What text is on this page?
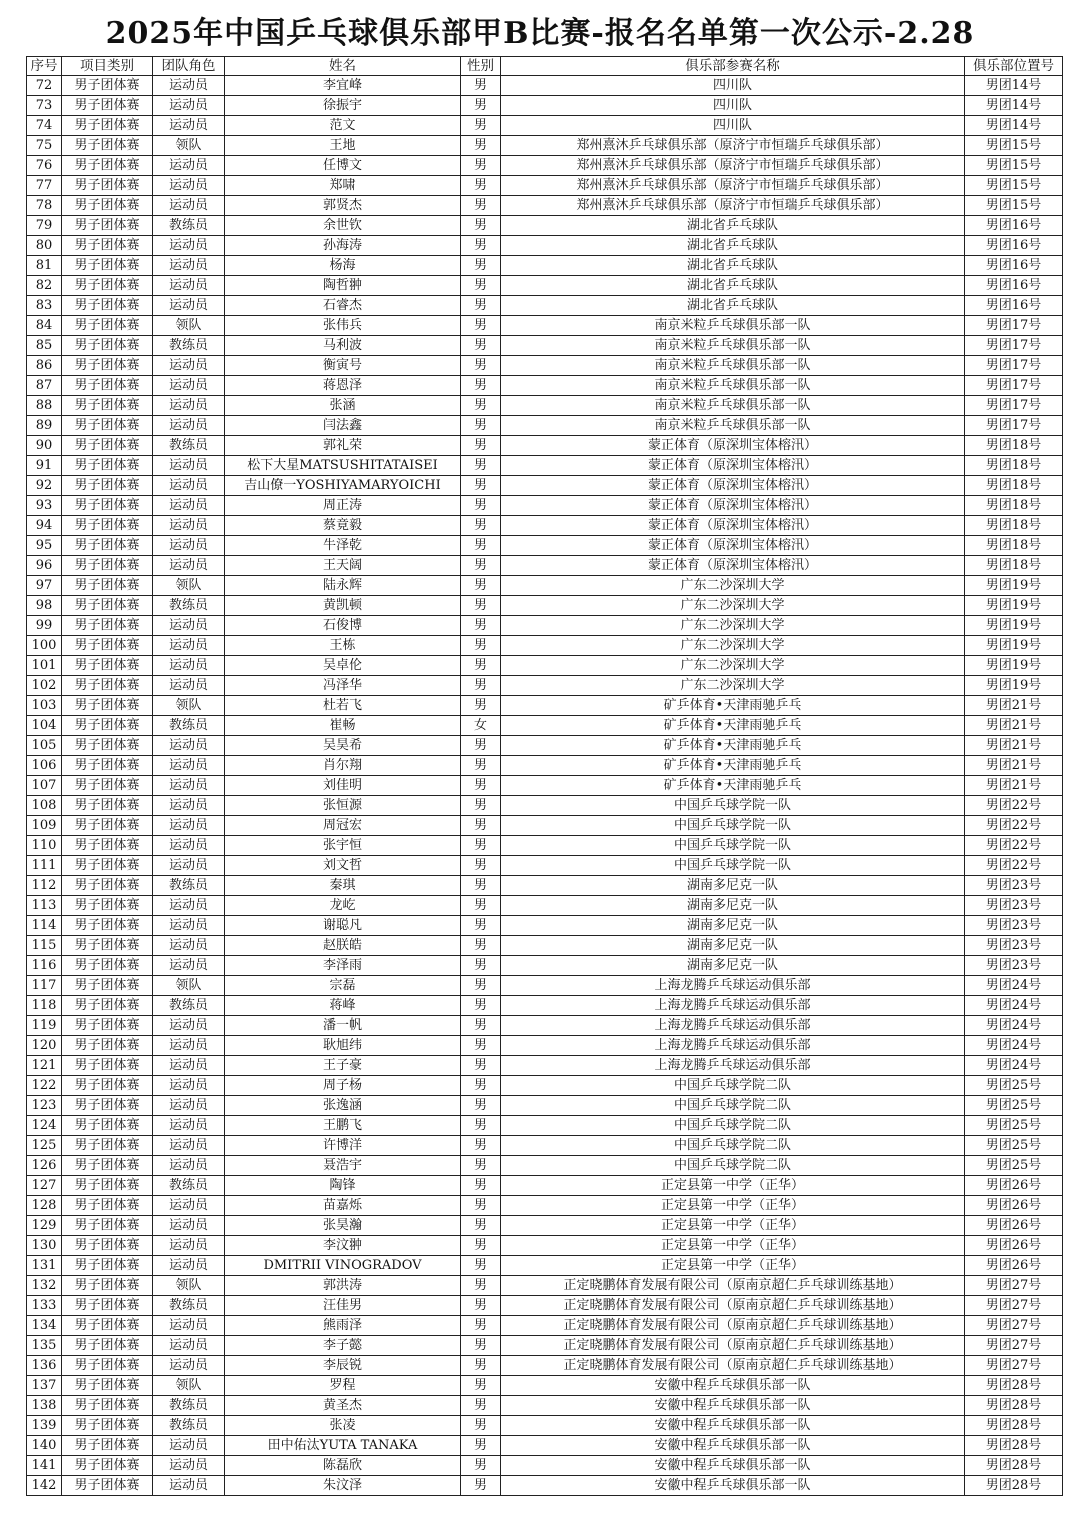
2025年中国乒乓球俱乐部甲B比赛-报名名单第一次公示-2.28
序号	项目类别	团队角色	姓名	性别	俱乐部参赛名称	俱乐部位置号
72	男子团体赛	运动员	李宜峰	男	四川队	男团14号
73	男子团体赛	运动员	徐振宇	男	四川队	男团14号
74	男子团体赛	运动员	范文	男	四川队	男团14号
75	男子团体赛	领队	王地	男	郑州熹沐乒乓球俱乐部（原济宁市恒瑞乒乓球俱乐部）	男团15号
76	男子团体赛	运动员	任博文	男	郑州熹沐乒乓球俱乐部（原济宁市恒瑞乒乓球俱乐部）	男团15号
77	男子团体赛	运动员	郑啸	男	郑州熹沐乒乓球俱乐部（原济宁市恒瑞乒乓球俱乐部）	男团15号
78	男子团体赛	运动员	郭贤杰	男	郑州熹沐乒乓球俱乐部（原济宁市恒瑞乒乓球俱乐部）	男团15号
79	男子团体赛	教练员	余世钦	男	湖北省乒乓球队	男团16号
80	男子团体赛	运动员	孙海涛	男	湖北省乒乓球队	男团16号
81	男子团体赛	运动员	杨海	男	湖北省乒乓球队	男团16号
82	男子团体赛	运动员	陶哲翀	男	湖北省乒乓球队	男团16号
83	男子团体赛	运动员	石睿杰	男	湖北省乒乓球队	男团16号
84	男子团体赛	领队	张伟兵	男	南京米粒乒乓球俱乐部一队	男团17号
85	男子团体赛	教练员	马利波	男	南京米粒乒乓球俱乐部一队	男团17号
86	男子团体赛	运动员	衡寅号	男	南京米粒乒乓球俱乐部一队	男团17号
87	男子团体赛	运动员	蒋恩泽	男	南京米粒乒乓球俱乐部一队	男团17号
88	男子团体赛	运动员	张涵	男	南京米粒乒乓球俱乐部一队	男团17号
89	男子团体赛	运动员	闫法鑫	男	南京米粒乒乓球俱乐部一队	男团17号
90	男子团体赛	教练员	郭礼荣	男	蒙正体育（原深圳宝体榕汛）	男团18号
91	男子团体赛	运动员	松下大星MATSUSHITATAISEI	男	蒙正体育（原深圳宝体榕汛）	男团18号
92	男子团体赛	运动员	吉山僚一YOSHIYAMARYOICHI	男	蒙正体育（原深圳宝体榕汛）	男团18号
93	男子团体赛	运动员	周正涛	男	蒙正体育（原深圳宝体榕汛）	男团18号
94	男子团体赛	运动员	蔡竟毅	男	蒙正体育（原深圳宝体榕汛）	男团18号
95	男子团体赛	运动员	牛泽乾	男	蒙正体育（原深圳宝体榕汛）	男团18号
96	男子团体赛	运动员	王天阔	男	蒙正体育（原深圳宝体榕汛）	男团18号
97	男子团体赛	领队	陆永辉	男	广东二沙深圳大学	男团19号
98	男子团体赛	教练员	黄凯顿	男	广东二沙深圳大学	男团19号
99	男子团体赛	运动员	石俊博	男	广东二沙深圳大学	男团19号
100	男子团体赛	运动员	王栋	男	广东二沙深圳大学	男团19号
101	男子团体赛	运动员	吴卓伦	男	广东二沙深圳大学	男团19号
102	男子团体赛	运动员	冯泽华	男	广东二沙深圳大学	男团19号
103	男子团体赛	领队	杜若飞	男	矿乒体育•天津雨驰乒乓	男团21号
104	男子团体赛	教练员	崔畅	女	矿乒体育•天津雨驰乒乓	男团21号
105	男子团体赛	运动员	吴昊希	男	矿乒体育•天津雨驰乒乓	男团21号
106	男子团体赛	运动员	肖尔翔	男	矿乒体育•天津雨驰乒乓	男团21号
107	男子团体赛	运动员	刘佳明	男	矿乒体育•天津雨驰乒乓	男团21号
108	男子团体赛	运动员	张恒源	男	中国乒乓球学院一队	男团22号
109	男子团体赛	运动员	周冠宏	男	中国乒乓球学院一队	男团22号
110	男子团体赛	运动员	张宇恒	男	中国乒乓球学院一队	男团22号
111	男子团体赛	运动员	刘文哲	男	中国乒乓球学院一队	男团22号
112	男子团体赛	教练员	秦琪	男	湖南多尼克一队	男团23号
113	男子团体赛	运动员	龙屹	男	湖南多尼克一队	男团23号
114	男子团体赛	运动员	谢聪凡	男	湖南多尼克一队	男团23号
115	男子团体赛	运动员	赵朕皓	男	湖南多尼克一队	男团23号
116	男子团体赛	运动员	李泽雨	男	湖南多尼克一队	男团23号
117	男子团体赛	领队	宗磊	男	上海龙腾乒乓球运动俱乐部	男团24号
118	男子团体赛	教练员	蒋峰	男	上海龙腾乒乓球运动俱乐部	男团24号
119	男子团体赛	运动员	潘一帆	男	上海龙腾乒乓球运动俱乐部	男团24号
120	男子团体赛	运动员	耿旭纬	男	上海龙腾乒乓球运动俱乐部	男团24号
121	男子团体赛	运动员	王子豪	男	上海龙腾乒乓球运动俱乐部	男团24号
122	男子团体赛	运动员	周子杨	男	中国乒乓球学院二队	男团25号
123	男子团体赛	运动员	张逸涵	男	中国乒乓球学院二队	男团25号
124	男子团体赛	运动员	王鹏飞	男	中国乒乓球学院二队	男团25号
125	男子团体赛	运动员	许博洋	男	中国乒乓球学院二队	男团25号
126	男子团体赛	运动员	聂浩宇	男	中国乒乓球学院二队	男团25号
127	男子团体赛	教练员	陶锋	男	正定县第一中学（正华）	男团26号
128	男子团体赛	运动员	苗嘉烁	男	正定县第一中学（正华）	男团26号
129	男子团体赛	运动员	张昊瀚	男	正定县第一中学（正华）	男团26号
130	男子团体赛	运动员	李汶翀	男	正定县第一中学（正华）	男团26号
131	男子团体赛	运动员	DMITRII VINOGRADOV	男	正定县第一中学（正华）	男团26号
132	男子团体赛	领队	郭洪涛	男	正定晓鹏体育发展有限公司（原南京超仁乒乓球训练基地）	男团27号
133	男子团体赛	教练员	汪佳男	男	正定晓鹏体育发展有限公司（原南京超仁乒乓球训练基地）	男团27号
134	男子团体赛	运动员	熊雨泽	男	正定晓鹏体育发展有限公司（原南京超仁乒乓球训练基地）	男团27号
135	男子团体赛	运动员	李子懿	男	正定晓鹏体育发展有限公司（原南京超仁乒乓球训练基地）	男团27号
136	男子团体赛	运动员	李辰锐	男	正定晓鹏体育发展有限公司（原南京超仁乒乓球训练基地）	男团27号
137	男子团体赛	领队	罗程	男	安徽中程乒乓球俱乐部一队	男团28号
138	男子团体赛	教练员	黄圣杰	男	安徽中程乒乓球俱乐部一队	男团28号
139	男子团体赛	教练员	张凌	男	安徽中程乒乓球俱乐部一队	男团28号
140	男子团体赛	运动员	田中佑汰YUTA TANAKA	男	安徽中程乒乓球俱乐部一队	男团28号
141	男子团体赛	运动员	陈磊欣	男	安徽中程乒乓球俱乐部一队	男团28号
142	男子团体赛	运动员	朱汶泽	男	安徽中程乒乓球俱乐部一队	男团28号
